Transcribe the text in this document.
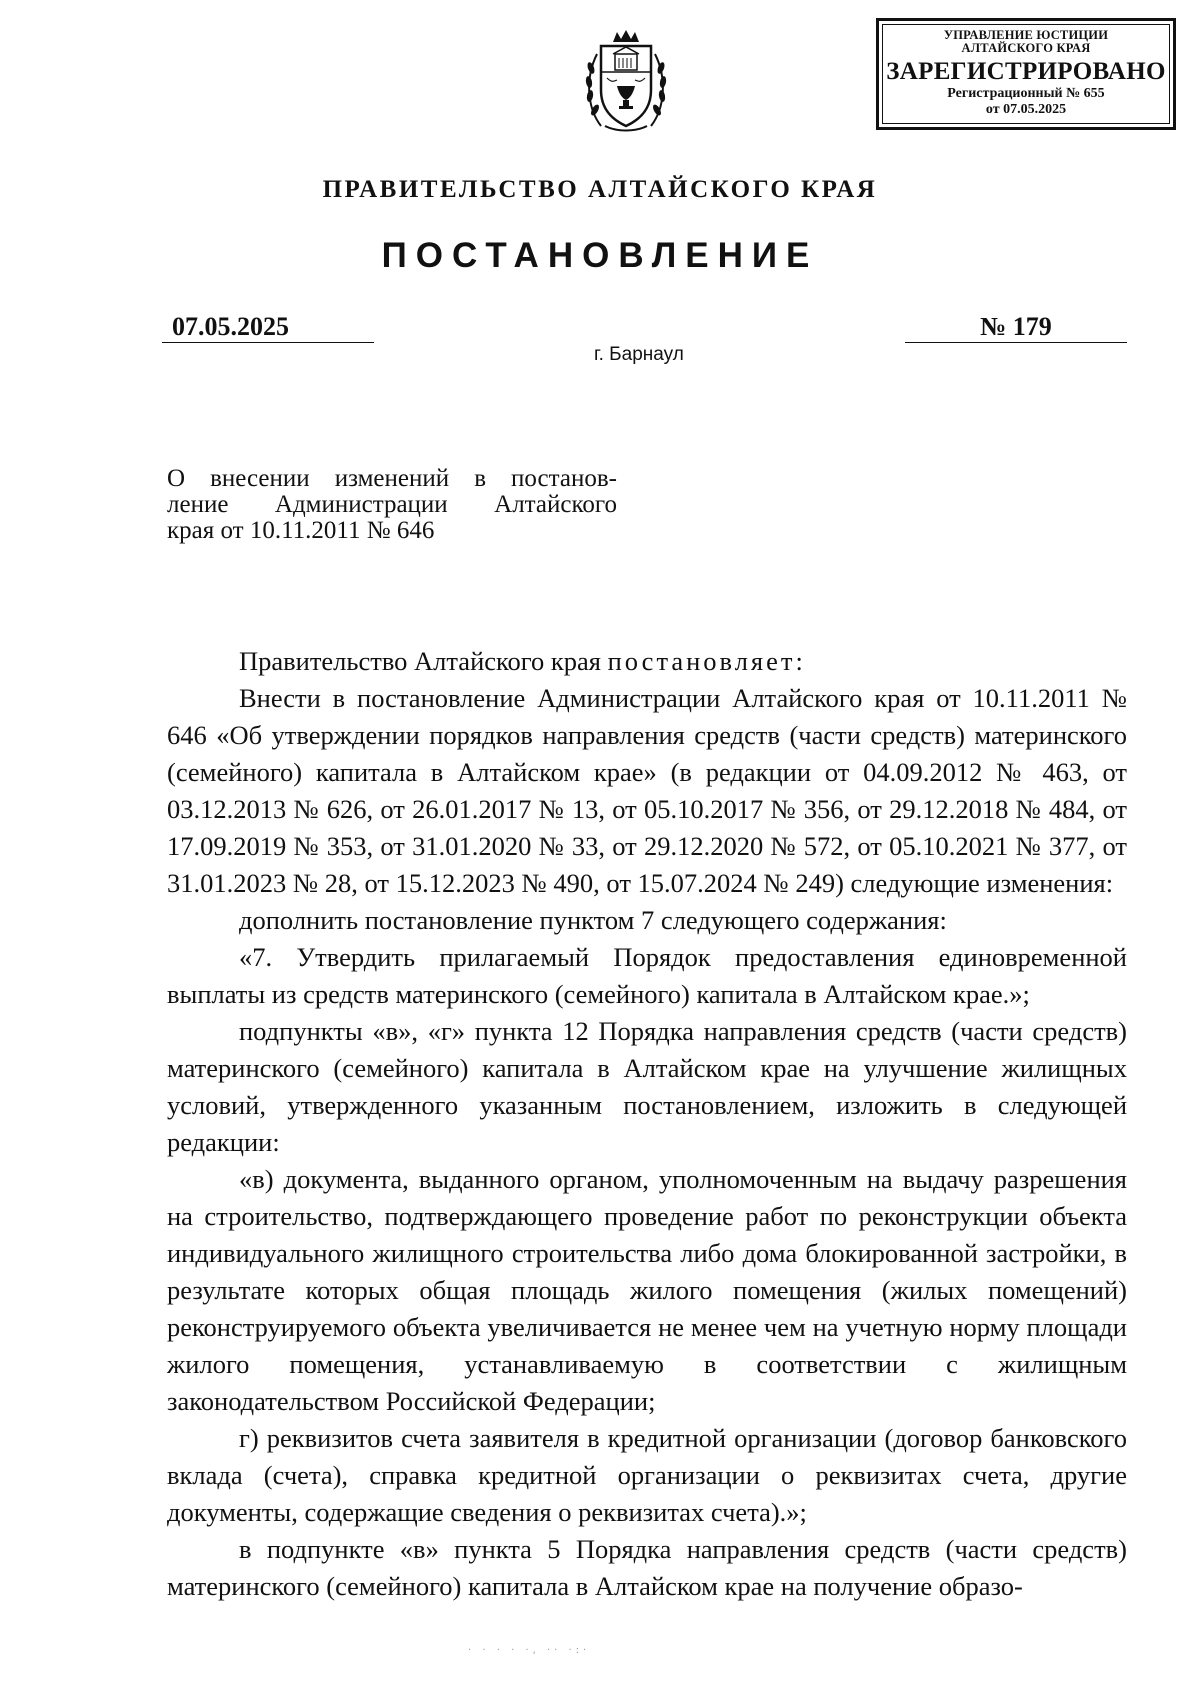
УПРАВЛЕНИЕ ЮСТИЦИИ
АЛТАЙСКОГО КРАЯ
ЗАРЕГИСТРИРОВАНО
Регистрационный № 655
от 07.05.2025
ПРАВИТЕЛЬСТВО АЛТАЙСКОГО КРАЯ
ПОСТАНОВЛЕНИЕ
07.05.2025	№ 179
г. Барнаул
О внесении изменений в постанов-
ление Администрации Алтайского
края от 10.11.2011 № 646

Правительство Алтайского края постановляет:

Внести в постановление Администрации Алтайского края от 10.11.2011 № 646 «Об утверждении порядков направления средств (части средств) материнского (семейного) капитала в Алтайском крае» (в редакции от 04.09.2012 № 463, от 03.12.2013 № 626, от 26.01.2017 № 13, от 05.10.2017 № 356, от 29.12.2018 № 484, от 17.09.2019 № 353, от 31.01.2020 № 33, от 29.12.2020 № 572, от 05.10.2021 № 377, от 31.01.2023 № 28, от 15.12.2023 № 490, от 15.07.2024 № 249) следующие изменения:

дополнить постановление пунктом 7 следующего содержания:

«7. Утвердить прилагаемый Порядок предоставления единовременной выплаты из средств материнского (семейного) капитала в Алтайском крае.»;

подпункты «в», «г» пункта 12 Порядка направления средств (части средств) материнского (семейного) капитала в Алтайском крае на улучшение жилищных условий, утвержденного указанным постановлением, изложить в следующей редакции:

«в) документа, выданного органом, уполномоченным на выдачу разрешения на строительство, подтверждающего проведение работ по реконструкции объекта индивидуального жилищного строительства либо дома блокированной застройки, в результате которых общая площадь жилого помещения (жилых помещений) реконструируемого объекта увеличивается не менее чем на учетную норму площади жилого помещения, устанавливаемую в соответствии с жилищным законодательством Российской Федерации;

г) реквизитов счета заявителя в кредитной организации (договор банковского вклада (счета), справка кредитной организации о реквизитах счета, другие документы, содержащие сведения о реквизитах счета).»;

в подпункте «в» пункта 5 Порядка направления средств (части средств) материнского (семейного) капитала в Алтайском крае на получение образо-

· · · · ·, ·· ·:·
